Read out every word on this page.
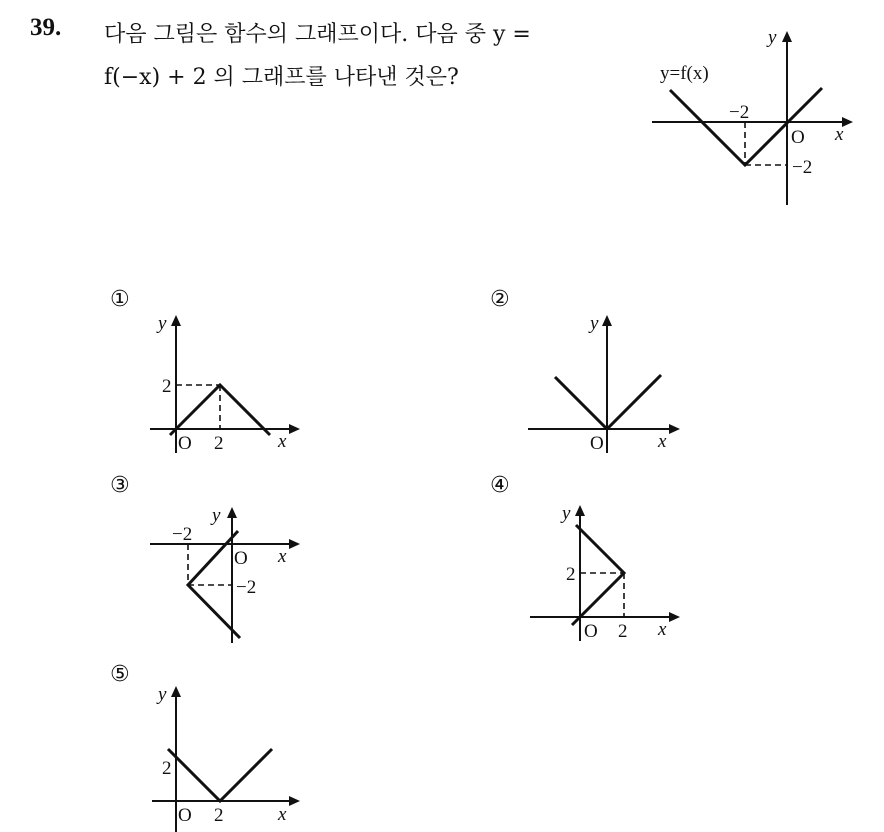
39. 다음 그림은 함수의 그래프이다. 다음 중 y =
f(−x) + 2 의 그래프를 나타낸 것은?	y=f(x)
y
x
O
−2
−2
①
y
x
O 2
2
②
y
x
O
③
y
x
O
−2
−2
④
y
x
O 2
2
⑤
y
x
O 2
2
